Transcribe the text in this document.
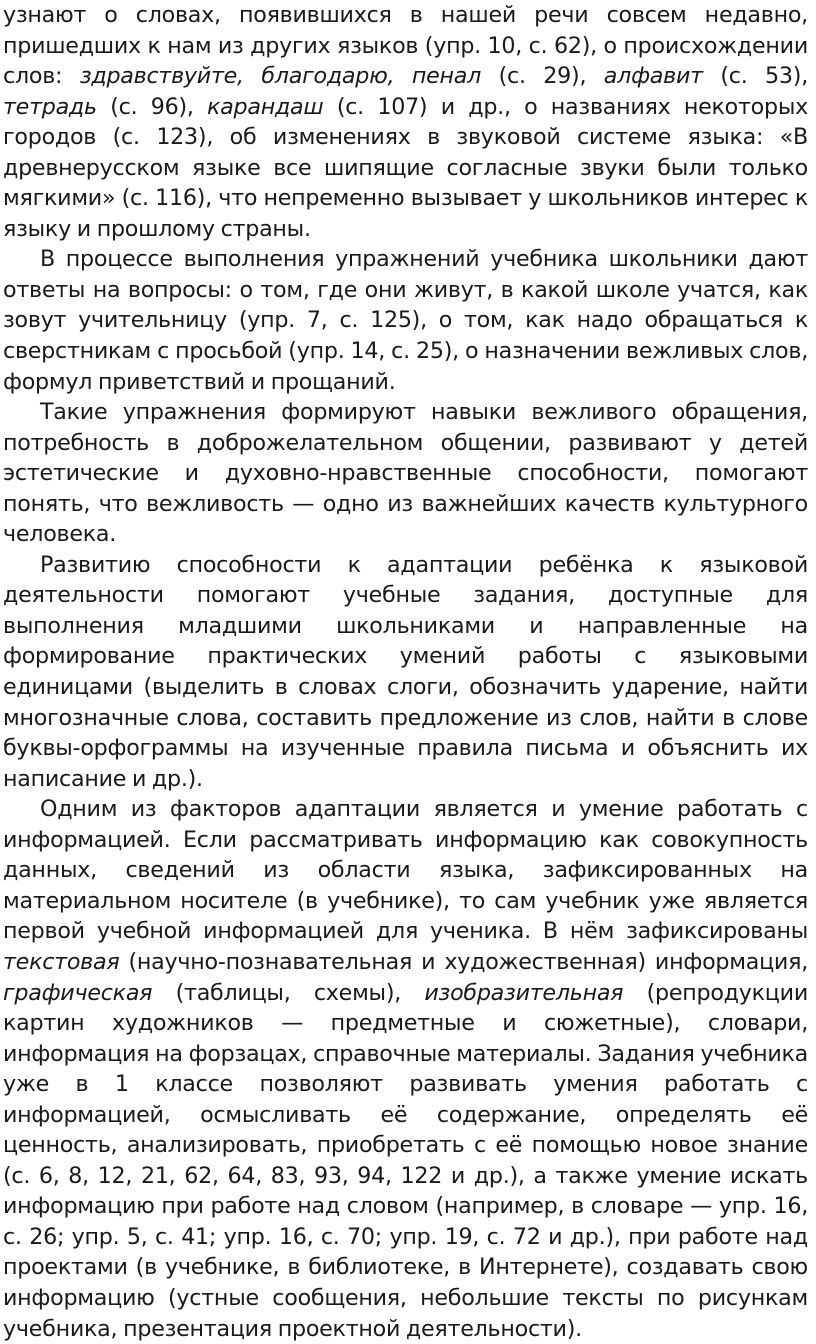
узнают о словах, появившихся в нашей речи совсем недавно, пришедших к нам из других языков (упр. 10, с. 62), о происхождении слов: здравствуйте, благодарю, пенал (с. 29), алфавит (с. 53), тетрадь (с. 96), карандаш (с. 107) и др., о названиях некоторых городов (с. 123), об изменениях в звуковой системе языка: «В древнерусском языке все шипящие согласные звуки были только мягкими» (с. 116), что непременно вызывает у школьников интерес к языку и прошлому страны.

В процессе выполнения упражнений учебника школьники дают ответы на вопросы: о том, где они живут, в какой школе учатся, как зовут учительницу (упр. 7, с. 125), о том, как надо обращаться к сверстникам с просьбой (упр. 14, с. 25), о назначении вежливых слов, формул приветствий и прощаний.

Такие упражнения формируют навыки вежливого обращения, потребность в доброжелательном общении, развивают у детей эстетические и духовно-нравственные способности, помогают понять, что вежливость — одно из важнейших качеств культурного человека.

Развитию способности к адаптации ребёнка к языковой деятельности помогают учебные задания, доступные для выполнения младшими школьниками и направленные на формирование практических умений работы с языковыми единицами (выделить в словах слоги, обозначить ударение, найти многозначные слова, составить предложение из слов, найти в слове буквы-орфограммы на изученные правила письма и объяснить их написание и др.).

Одним из факторов адаптации является и умение работать с информацией. Если рассматривать информацию как совокупность данных, сведений из области языка, зафиксированных на материальном носителе (в учебнике), то сам учебник уже является первой учебной информацией для ученика. В нём зафиксированы текстовая (научно-познавательная и художественная) информация, графическая (таблицы, схемы), изобразительная (репродукции картин художников — предметные и сюжетные), словари, информация на форзацах, справочные материалы. Задания учебника уже в 1 классе позволяют развивать умения работать с информацией, осмысливать её содержание, определять её ценность, анализировать, приобретать с её помощью новое знание (с. 6, 8, 12, 21, 62, 64, 83, 93, 94, 122 и др.), а также умение искать информацию при работе над словом (например, в словаре — упр. 16, с. 26; упр. 5, с. 41; упр. 16, с. 70; упр. 19, с. 72 и др.), при работе над проектами (в учебнике, в библиотеке, в Интернете), создавать свою информацию (устные сообщения, небольшие тексты по рисункам учебника, презентация проектной деятельности).
